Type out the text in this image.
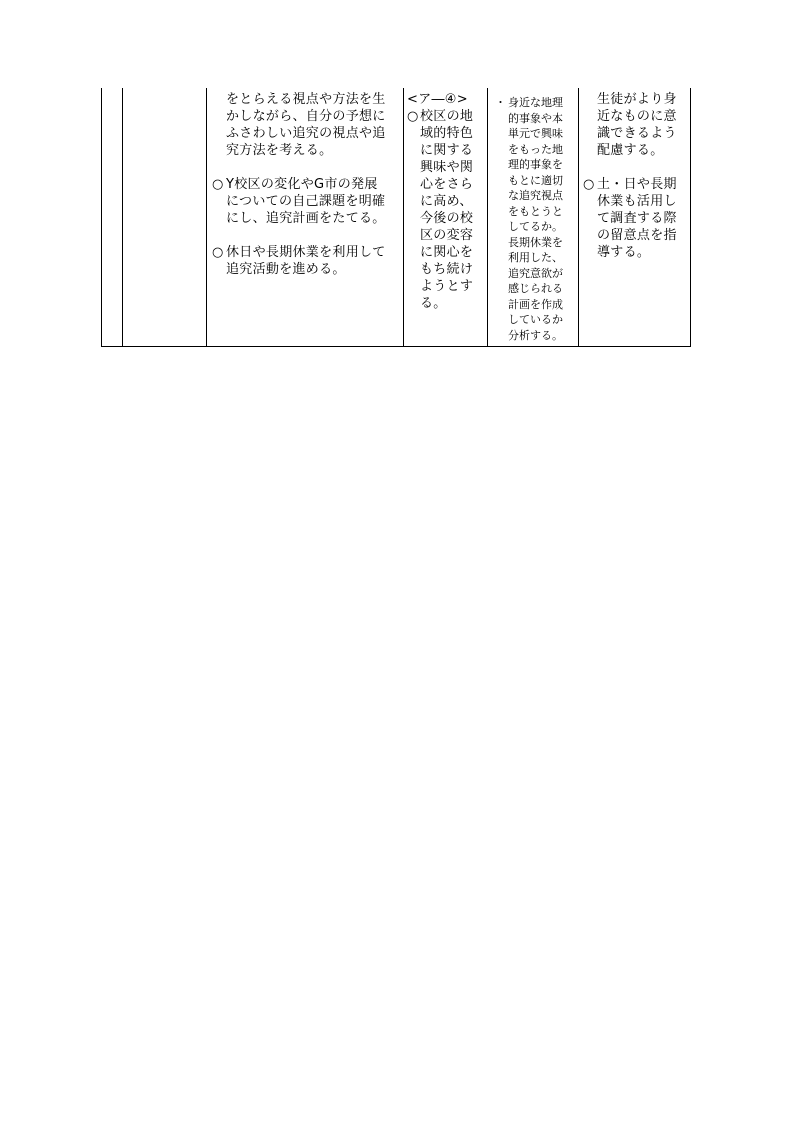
をとらえる視点や方法を生
かしながら、自分の予想に
ふさわしい追究の視点や追
究方法を考える。
○ Y校区の変化やG市の発展
についての自己課題を明確
にし、追究計画をたてる。
○ 休日や長期休業を利用して
追究活動を進める。
<ア―④>
○ 校区の地
域的特色
に関する
興味や関
心をさら
に高め、
今後の校
区の変容
に関心を
もち続け
ようとす
る。
・ 身近な地理
的事象や本
単元で興味
をもった地
理的事象を
もとに適切
な追究視点
をもとうと
してるか。
長期休業を
利用した、
追究意欲が
感じられる
計画を作成
しているか
分析する。
生徒がより身
近なものに意
識できるよう
配慮する。
○ 土・日や長期
休業も活用し
て調査する際
の留意点を指
導する。
